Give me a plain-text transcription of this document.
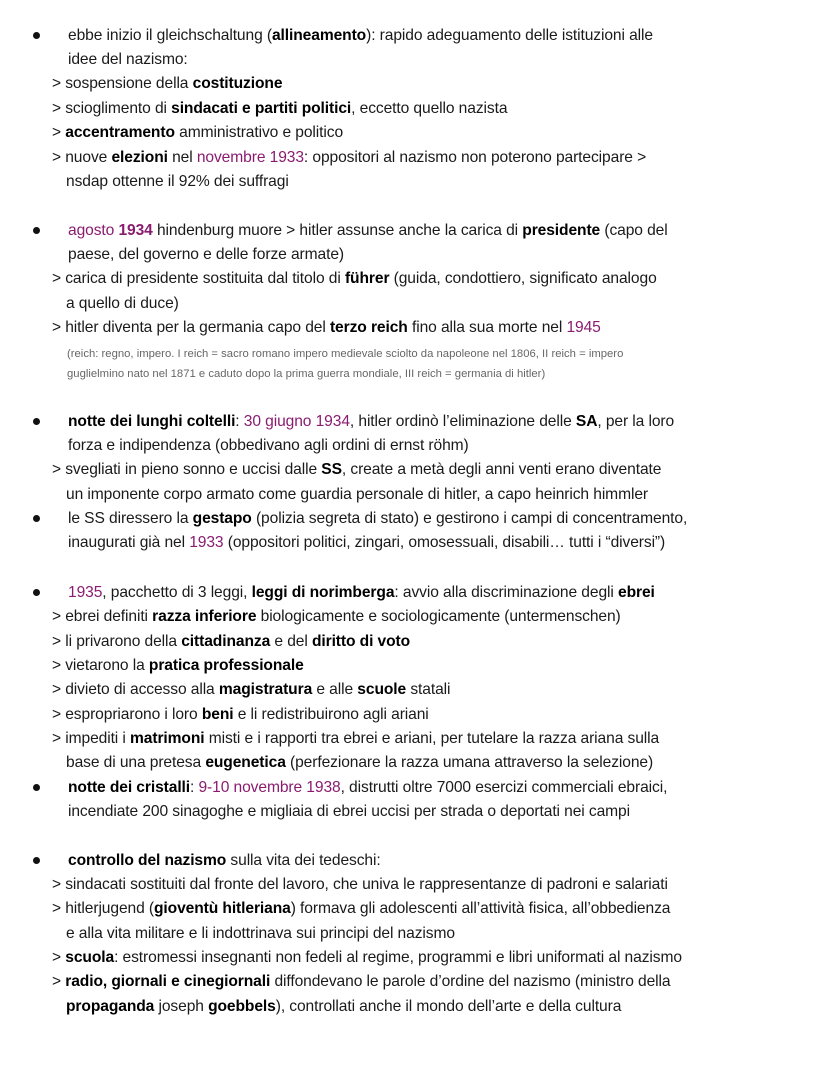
ebbe inizio il gleichschaltung (allineamento): rapido adeguamento delle istituzioni alle
idee del nazismo:
> sospensione della costituzione
> scioglimento di sindacati e partiti politici, eccetto quello nazista
> accentramento amministrativo e politico
> nuove elezioni nel novembre 1933: oppositori al nazismo non poterono partecipare >
nsdap ottenne il 92% dei suffragi
agosto 1934 hindenburg muore > hitler assunse anche la carica di presidente (capo del
paese, del governo e delle forze armate)
> carica di presidente sostituita dal titolo di führer (guida, condottiero, significato analogo
a quello di duce)
> hitler diventa per la germania capo del terzo reich fino alla sua morte nel 1945
(reich: regno, impero. I reich = sacro romano impero medievale sciolto da napoleone nel 1806, II reich = impero
guglielmino nato nel 1871 e caduto dopo la prima guerra mondiale, III reich = germania di hitler)
notte dei lunghi coltelli: 30 giugno 1934, hitler ordinò l’eliminazione delle SA, per la loro
forza e indipendenza (obbedivano agli ordini di ernst röhm)
> svegliati in pieno sonno e uccisi dalle SS, create a metà degli anni venti erano diventate
un imponente corpo armato come guardia personale di hitler, a capo heinrich himmler
le SS diressero la gestapo (polizia segreta di stato) e gestirono i campi di concentramento,
inaugurati già nel 1933 (oppositori politici, zingari, omosessuali, disabili… tutti i “diversi”)
1935, pacchetto di 3 leggi, leggi di norimberga: avvio alla discriminazione degli ebrei
> ebrei definiti razza inferiore biologicamente e sociologicamente (untermenschen)
> li privarono della cittadinanza e del diritto di voto
> vietarono la pratica professionale
> divieto di accesso alla magistratura e alle scuole statali
> espropriarono i loro beni e li redistribuirono agli ariani
> impediti i matrimoni misti e i rapporti tra ebrei e ariani, per tutelare la razza ariana sulla
base di una pretesa eugenetica (perfezionare la razza umana attraverso la selezione)
notte dei cristalli: 9-10 novembre 1938, distrutti oltre 7000 esercizi commerciali ebraici,
incendiate 200 sinagoghe e migliaia di ebrei uccisi per strada o deportati nei campi
controllo del nazismo sulla vita dei tedeschi:
> sindacati sostituiti dal fronte del lavoro, che univa le rappresentanze di padroni e salariati
> hitlerjugend (gioventù hitleriana) formava gli adolescenti all’attività fisica, all’obbedienza
e alla vita militare e li indottrinava sui principi del nazismo
> scuola: estromessi insegnanti non fedeli al regime, programmi e libri uniformati al nazismo
> radio, giornali e cinegiornali diffondevano le parole d’ordine del nazismo (ministro della
propaganda joseph goebbels), controllati anche il mondo dell’arte e della cultura
